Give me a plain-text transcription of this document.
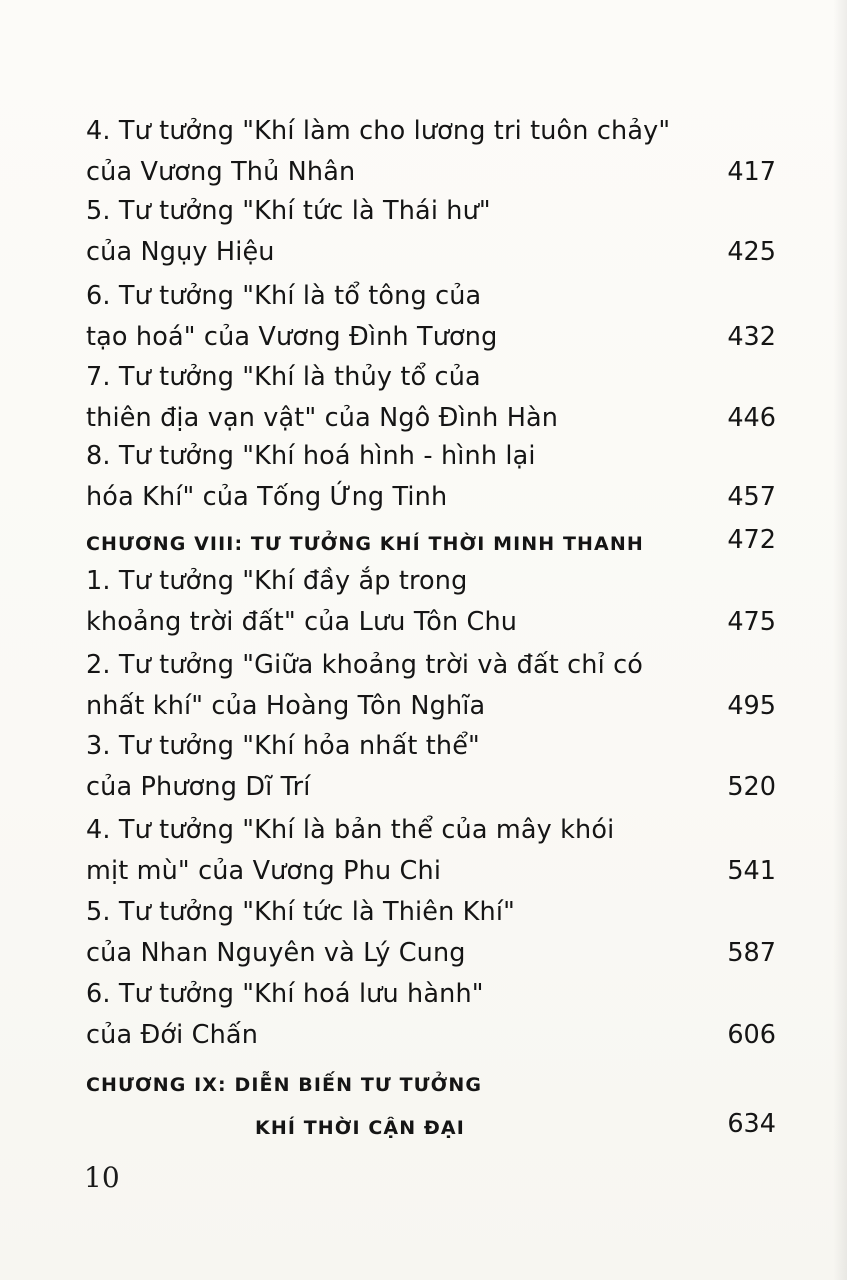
4. Tư tưởng "Khí làm cho lương tri tuôn chảy"
của Vương Thủ Nhân	417
5. Tư tưởng "Khí tức là Thái hư"
của Ngụy Hiệu	425
6. Tư tưởng "Khí là tổ tông của
tạo hoá" của Vương Đình Tương	432
7. Tư tưởng "Khí là thủy tổ của
thiên địa vạn vật" của Ngô Đình Hàn	446
8. Tư tưởng "Khí hoá hình - hình lại
hóa Khí" của Tống Ứng Tinh	457
CHƯƠNG VIII: TƯ TƯỞNG KHÍ THỜI MINH THANH	472
1. Tư tưởng "Khí đầy ắp trong
khoảng trời đất" của Lưu Tôn Chu	475
2. Tư tưởng "Giữa khoảng trời và đất chỉ có
nhất khí" của Hoàng Tôn Nghĩa	495
3. Tư tưởng "Khí hỏa nhất thể"
của Phương Dĩ Trí	520
4. Tư tưởng "Khí là bản thể của mây khói
mịt mù" của Vương Phu Chi	541
5. Tư tưởng "Khí tức là Thiên Khí"
của Nhan Nguyên và Lý Cung	587
6. Tư tưởng "Khí hoá lưu hành"
của Đới Chấn	606
CHƯƠNG IX: DIỄN BIẾN TƯ TƯỞNG
KHÍ THỜI CẬN ĐẠI	634
10
